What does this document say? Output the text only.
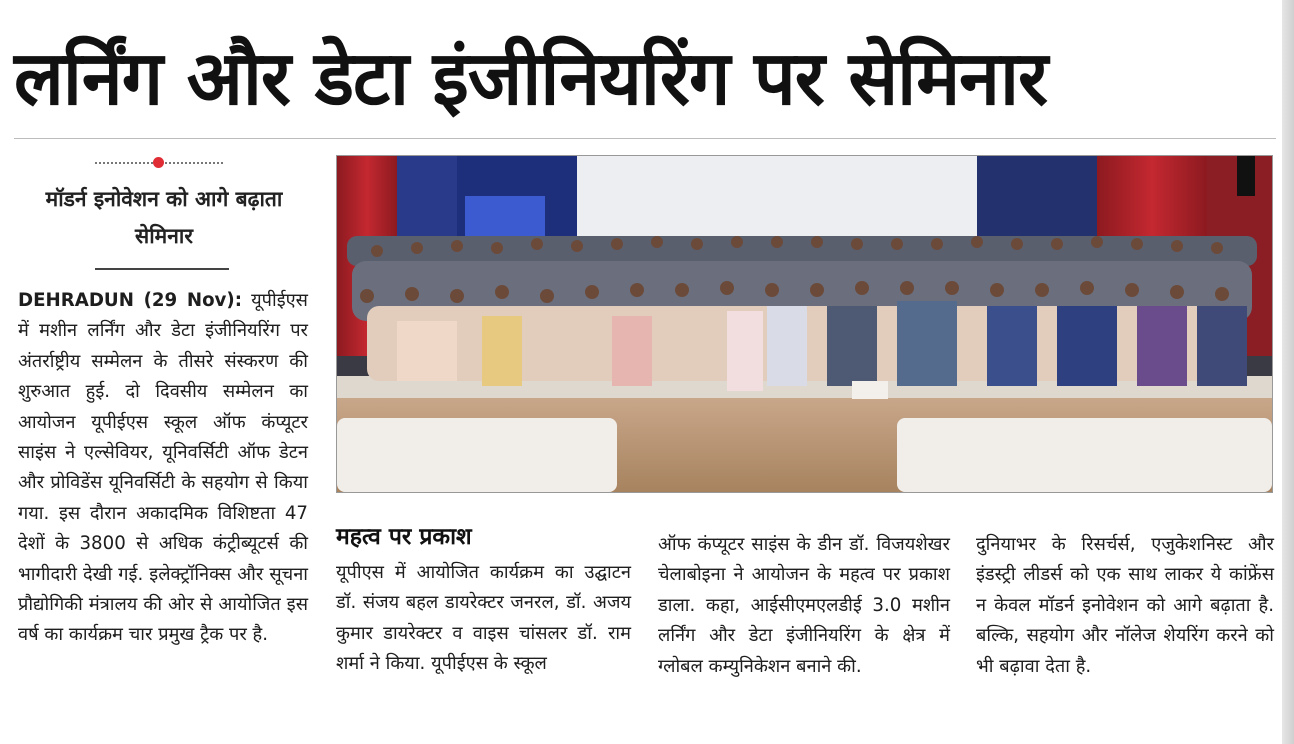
लर्निंग और डेटा इंजीनियरिंग पर सेमिनार
मॉडर्न इनोवेशन को आगे बढ़ाता सेमिनार

DEHRADUN (29 Nov): यूपीईएस में मशीन लर्निंग और डेटा इंजीनियरिंग पर अंतर्राष्ट्रीय सम्मेलन के तीसरे संस्करण की शुरुआत हुई. दो दिवसीय सम्मेलन का आयोजन यूपीईएस स्कूल ऑफ कंप्यूटर साइंस ने एल्सेवियर, यूनिवर्सिटी ऑफ डेटन और प्रोविडेंस यूनिवर्सिटी के सहयोग से किया गया. इस दौरान अकादमिक विशिष्टता 47 देशों के 3800 से अधिक कंट्रीब्यूटर्स की भागीदारी देखी गई. इलेक्ट्रॉनिक्स और सूचना प्रौद्योगिकी मंत्रालय की ओर से आयोजित इस वर्ष का कार्यक्रम चार प्रमुख ट्रैक पर है.

महत्व पर प्रकाश

यूपीएस में आयोजित कार्यक्रम का उद्घाटन डॉ. संजय बहल डायरेक्टर जनरल, डॉ. अजय कुमार डायरेक्टर व वाइस चांसलर डॉ. राम शर्मा ने किया. यूपीईएस के स्कूल

ऑफ कंप्यूटर साइंस के डीन डॉ. विजयशेखर चेलाबोइना ने आयोजन के महत्व पर प्रकाश डाला. कहा, आईसीएमएलडीई 3.0 मशीन लर्निंग और डेटा इंजीनियरिंग के क्षेत्र में ग्लोबल कम्युनिकेशन बनाने की.

दुनियाभर के रिसर्चर्स, एजुकेशनिस्ट और इंडस्ट्री लीडर्स को एक साथ लाकर ये कांफ्रेंस न केवल मॉडर्न इनोवेशन को आगे बढ़ाता है. बल्कि, सहयोग और नॉलेज शेयरिंग करने को भी बढ़ावा देता है.
